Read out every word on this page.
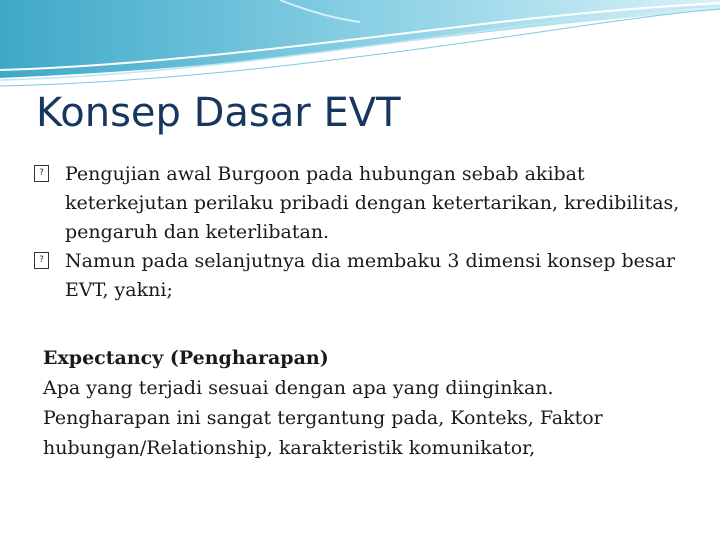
Konsep Dasar EVT
? Pengujian awal Burgoon pada hubungan sebab akibat keterkejutan perilaku pribadi dengan ketertarikan, kredibilitas, pengaruh dan keterlibatan.
? Namun pada selanjutnya dia membaku 3 dimensi konsep besar EVT, yakni;
Expectancy (Pengharapan)
Apa yang terjadi sesuai dengan apa yang diinginkan.
Pengharapan ini sangat tergantung pada, Konteks, Faktor hubungan/Relationship, karakteristik komunikator,
